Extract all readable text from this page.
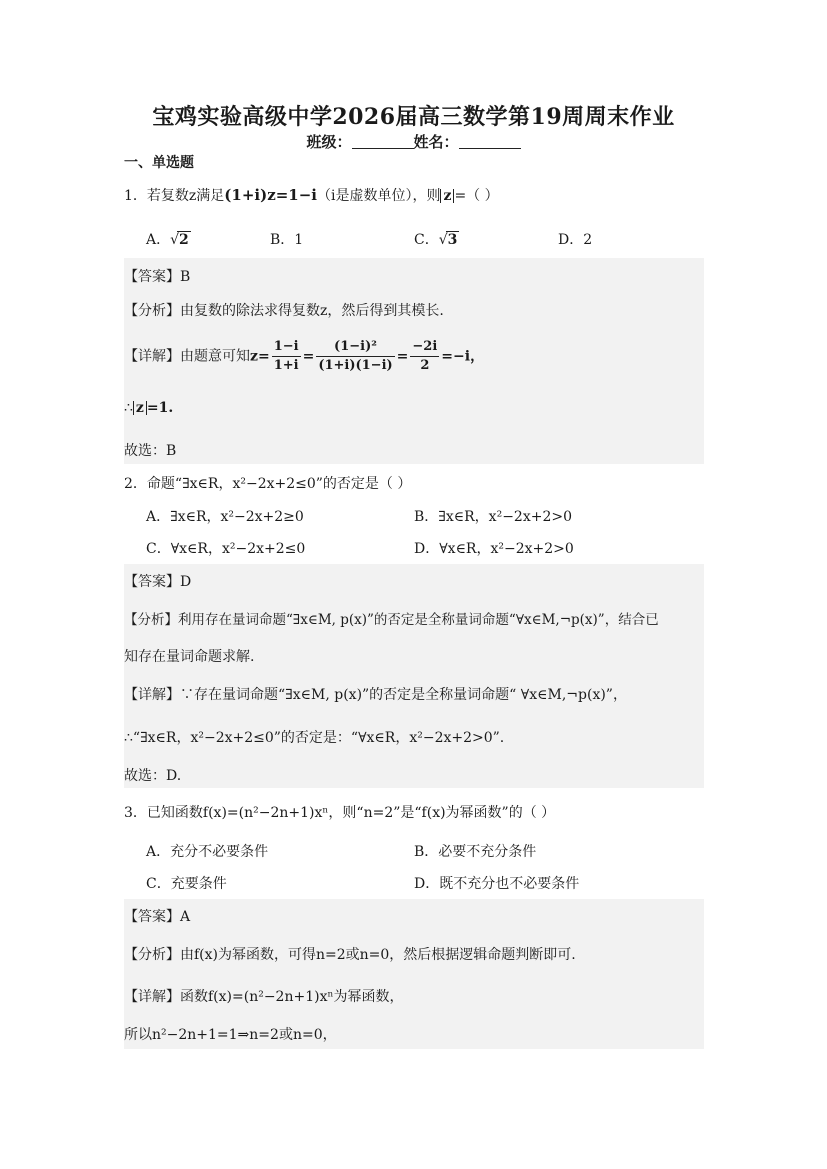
宝鸡实验高级中学2026届高三数学第19周周末作业
班级：	姓名：
一、单选题
1．若复数z满足(1+i)z=1−i（i是虚数单位），则 z =（ ）
A．√2	B．1	C．√3	D．2
【答案】B
【分析】由复数的除法求得复数z，然后得到其模长.
【详解】由题意可知$z= \frac{1-i}{1+i} = \frac{\text{(1−i)²}}{(1+i)(1-i)} = \frac{-2i}{2} =-i$，
∴ z =1.
故选：B
2．命题“∃x∈R，x²−2x+2≤0”的否定是（ ）
A．∃x∈R，x²−2x+2≥0	B．∃x∈R，x²−2x+2>0
C．∀x∈R，x²−2x+2≤0	D．∀x∈R，x²−2x+2>0
【答案】D
【分析】利用存在量词命题“∃x∈M, p(x)”的否定是全称量词命题“∀x∈M,¬p(x)”，结合已
知存在量词命题求解.
【详解】∵存在量词命题“∃x∈M, p(x)”的否定是全称量词命题“ ∀x∈M,¬p(x)”，
∴“∃x∈R，x²−2x+2≤0”的否定是：“∀x∈R，x²−2x+2>0”.
故选：D.
3．已知函数f(x)=(n²−2n+1)xⁿ，则“n=2”是“f(x)为幂函数”的（ ）
A．充分不必要条件	B．必要不充分条件
C．充要条件	D．既不充分也不必要条件
【答案】A
【分析】由f(x)为幂函数，可得n=2或n=0，然后根据逻辑命题判断即可.
【详解】函数f(x)=(n²−2n+1)xⁿ为幂函数，
所以n²−2n+1=1⇒n=2或n=0，
